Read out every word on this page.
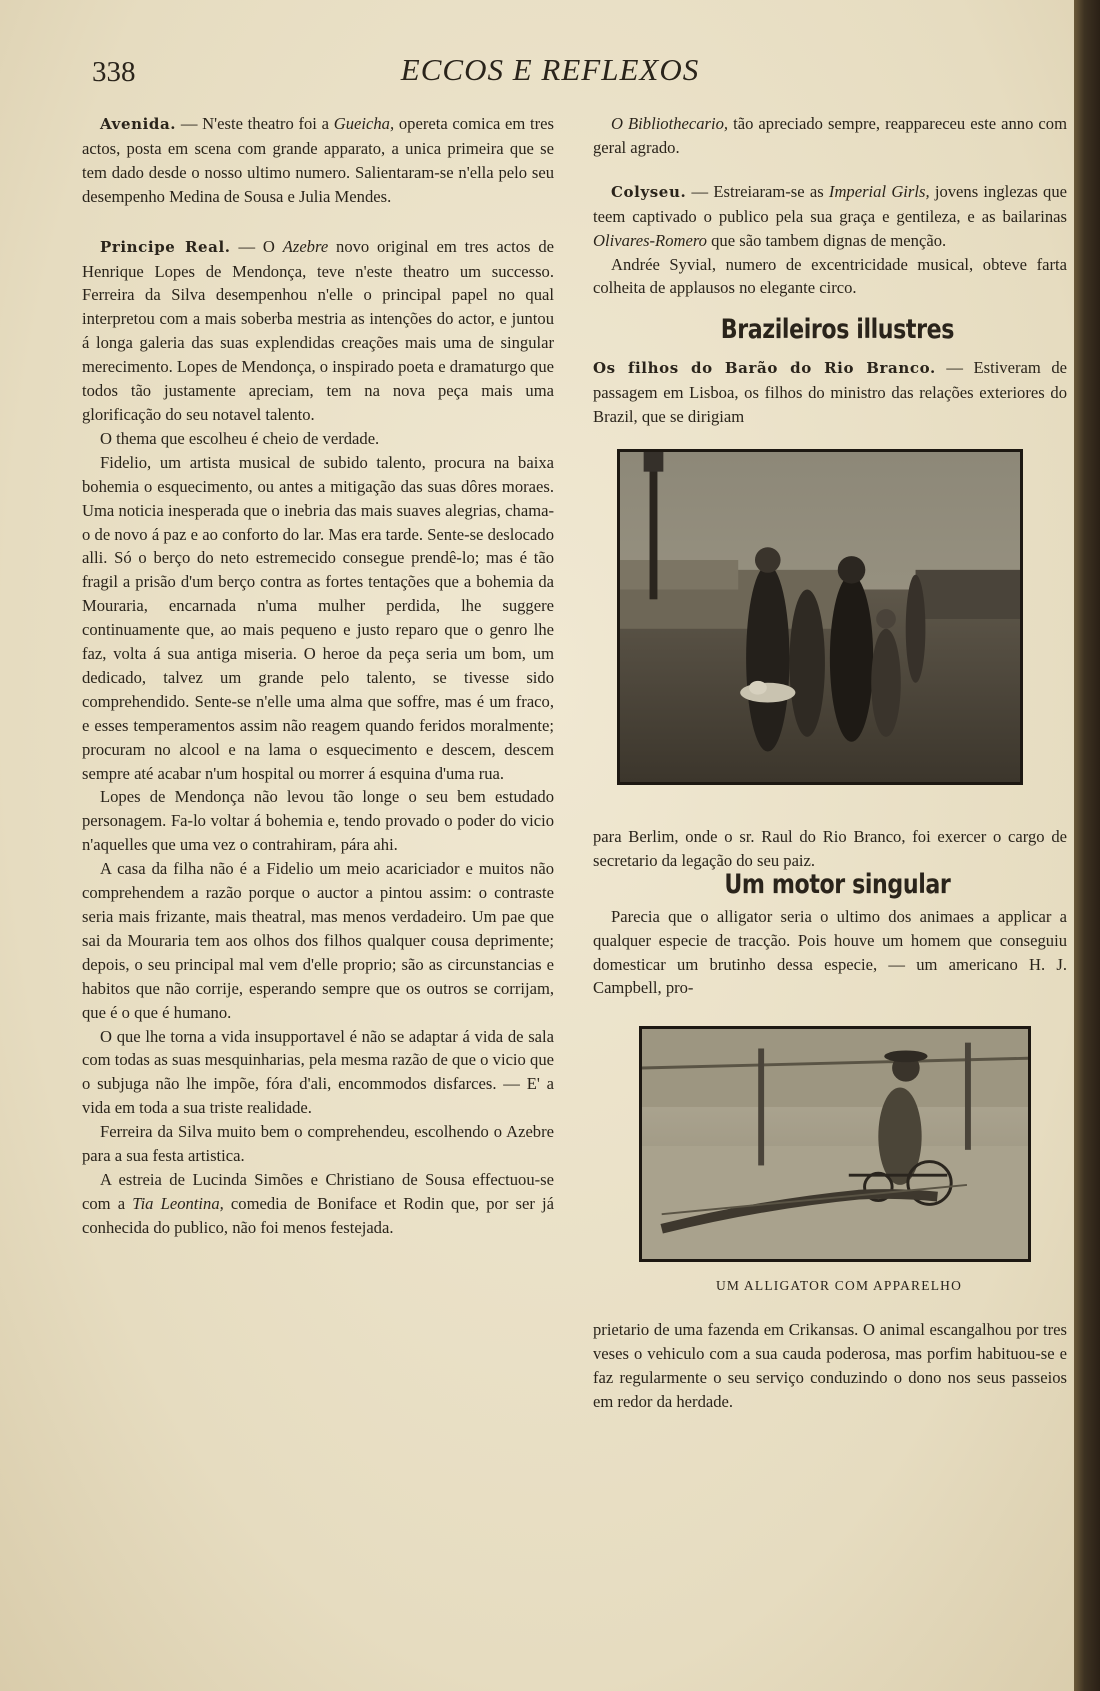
338	ECCOS E REFLEXOS

Avenida. — N'este theatro foi a Gueicha, opereta comica em tres actos, posta em scena com grande apparato, a unica primeira que se tem dado desde o nosso ultimo numero. Salientaram-se n'ella pelo seu desempenho Medina de Sousa e Julia Mendes.

Principe Real. — O Azebre novo original em tres actos de Henrique Lopes de Mendonça, teve n'este theatro um successo. Ferreira da Silva desempenhou n'elle o principal papel no qual interpretou com a mais soberba mestria as intenções do actor, e juntou á longa galeria das suas explendidas creações mais uma de singular merecimento. Lopes de Mendonça, o inspirado poeta e dramaturgo que todos tão justamente apreciam, tem na nova peça mais uma glorificação do seu notavel talento.

O thema que escolheu é cheio de verdade.

Fidelio, um artista musical de subido talento, procura na baixa bohemia o esquecimento, ou antes a mitigação das suas dôres moraes. Uma noticia inesperada que o inebria das mais suaves alegrias, chama-o de novo á paz e ao conforto do lar. Mas era tarde. Sente-se deslocado alli. Só o berço do neto estremecido consegue prendê-lo; mas é tão fragil a prisão d'um berço contra as fortes tentações que a bohemia da Mouraria, encarnada n'uma mulher perdida, lhe suggere continuamente que, ao mais pequeno e justo reparo que o genro lhe faz, volta á sua antiga miseria. O heroe da peça seria um bom, um dedicado, talvez um grande pelo talento, se tivesse sido comprehendido. Sente-se n'elle uma alma que soffre, mas é um fraco, e esses temperamentos assim não reagem quando feridos moralmente; procuram no alcool e na lama o esquecimento e descem, descem sempre até acabar n'um hospital ou morrer á esquina d'uma rua.

Lopes de Mendonça não levou tão longe o seu bem estudado personagem. Fa-lo voltar á bohemia e, tendo provado o poder do vicio n'aquelles que uma vez o contrahiram, pára ahi.

A casa da filha não é a Fidelio um meio acariciador e muitos não comprehendem a razão porque o auctor a pintou assim: o contraste seria mais frizante, mais theatral, mas menos verdadeiro. Um pae que sai da Mouraria tem aos olhos dos filhos qualquer cousa deprimente; depois, o seu principal mal vem d'elle proprio; são as circunstancias e habitos que não corrije, esperando sempre que os outros se corrijam, que é o que é humano.

O que lhe torna a vida insupportavel é não se adaptar á vida de sala com todas as suas mesquinharias, pela mesma razão de que o vicio que o subjuga não lhe impõe, fóra d'ali, encommodos disfarces. — E' a vida em toda a sua triste realidade.

Ferreira da Silva muito bem o comprehendeu, escolhendo o Azebre para a sua festa artistica.

A estreia de Lucinda Simões e Christiano de Sousa effectuou-se com a Tia Leontina, comedia de Boniface et Rodin que, por ser já conhecida do publico, não foi menos festejada.

O Bibliothecario, tão apreciado sempre, reappareceu este anno com geral agrado.

Colyseu. — Estreiaram-se as Imperial Girls, jovens inglezas que teem captivado o publico pela sua graça e gentileza, e as bailarinas Olivares-Romero que são tambem dignas de menção.

Andrée Syvial, numero de excentricidade musical, obteve farta colheita de applausos no elegante circo.

Brazileiros illustres

Os filhos do Barão do Rio Branco. — Estiveram de passagem em Lisboa, os filhos do ministro das relações exteriores do Brazil, que se dirigiam

para Berlim, onde o sr. Raul do Rio Branco, foi exercer o cargo de secretario da legação do seu paiz.

Um motor singular

Parecia que o alligator seria o ultimo dos animaes a applicar a qualquer especie de tracção. Pois houve um homem que conseguiu domesticar um brutinho dessa especie, — um americano H. J. Campbell, pro-

UM ALLIGATOR COM APPARELHO

prietario de uma fazenda em Crikansas. O animal escangalhou por tres veses o vehiculo com a sua cauda poderosa, mas porfim habituou-se e faz regularmente o seu serviço conduzindo o dono nos seus passeios em redor da herdade.
